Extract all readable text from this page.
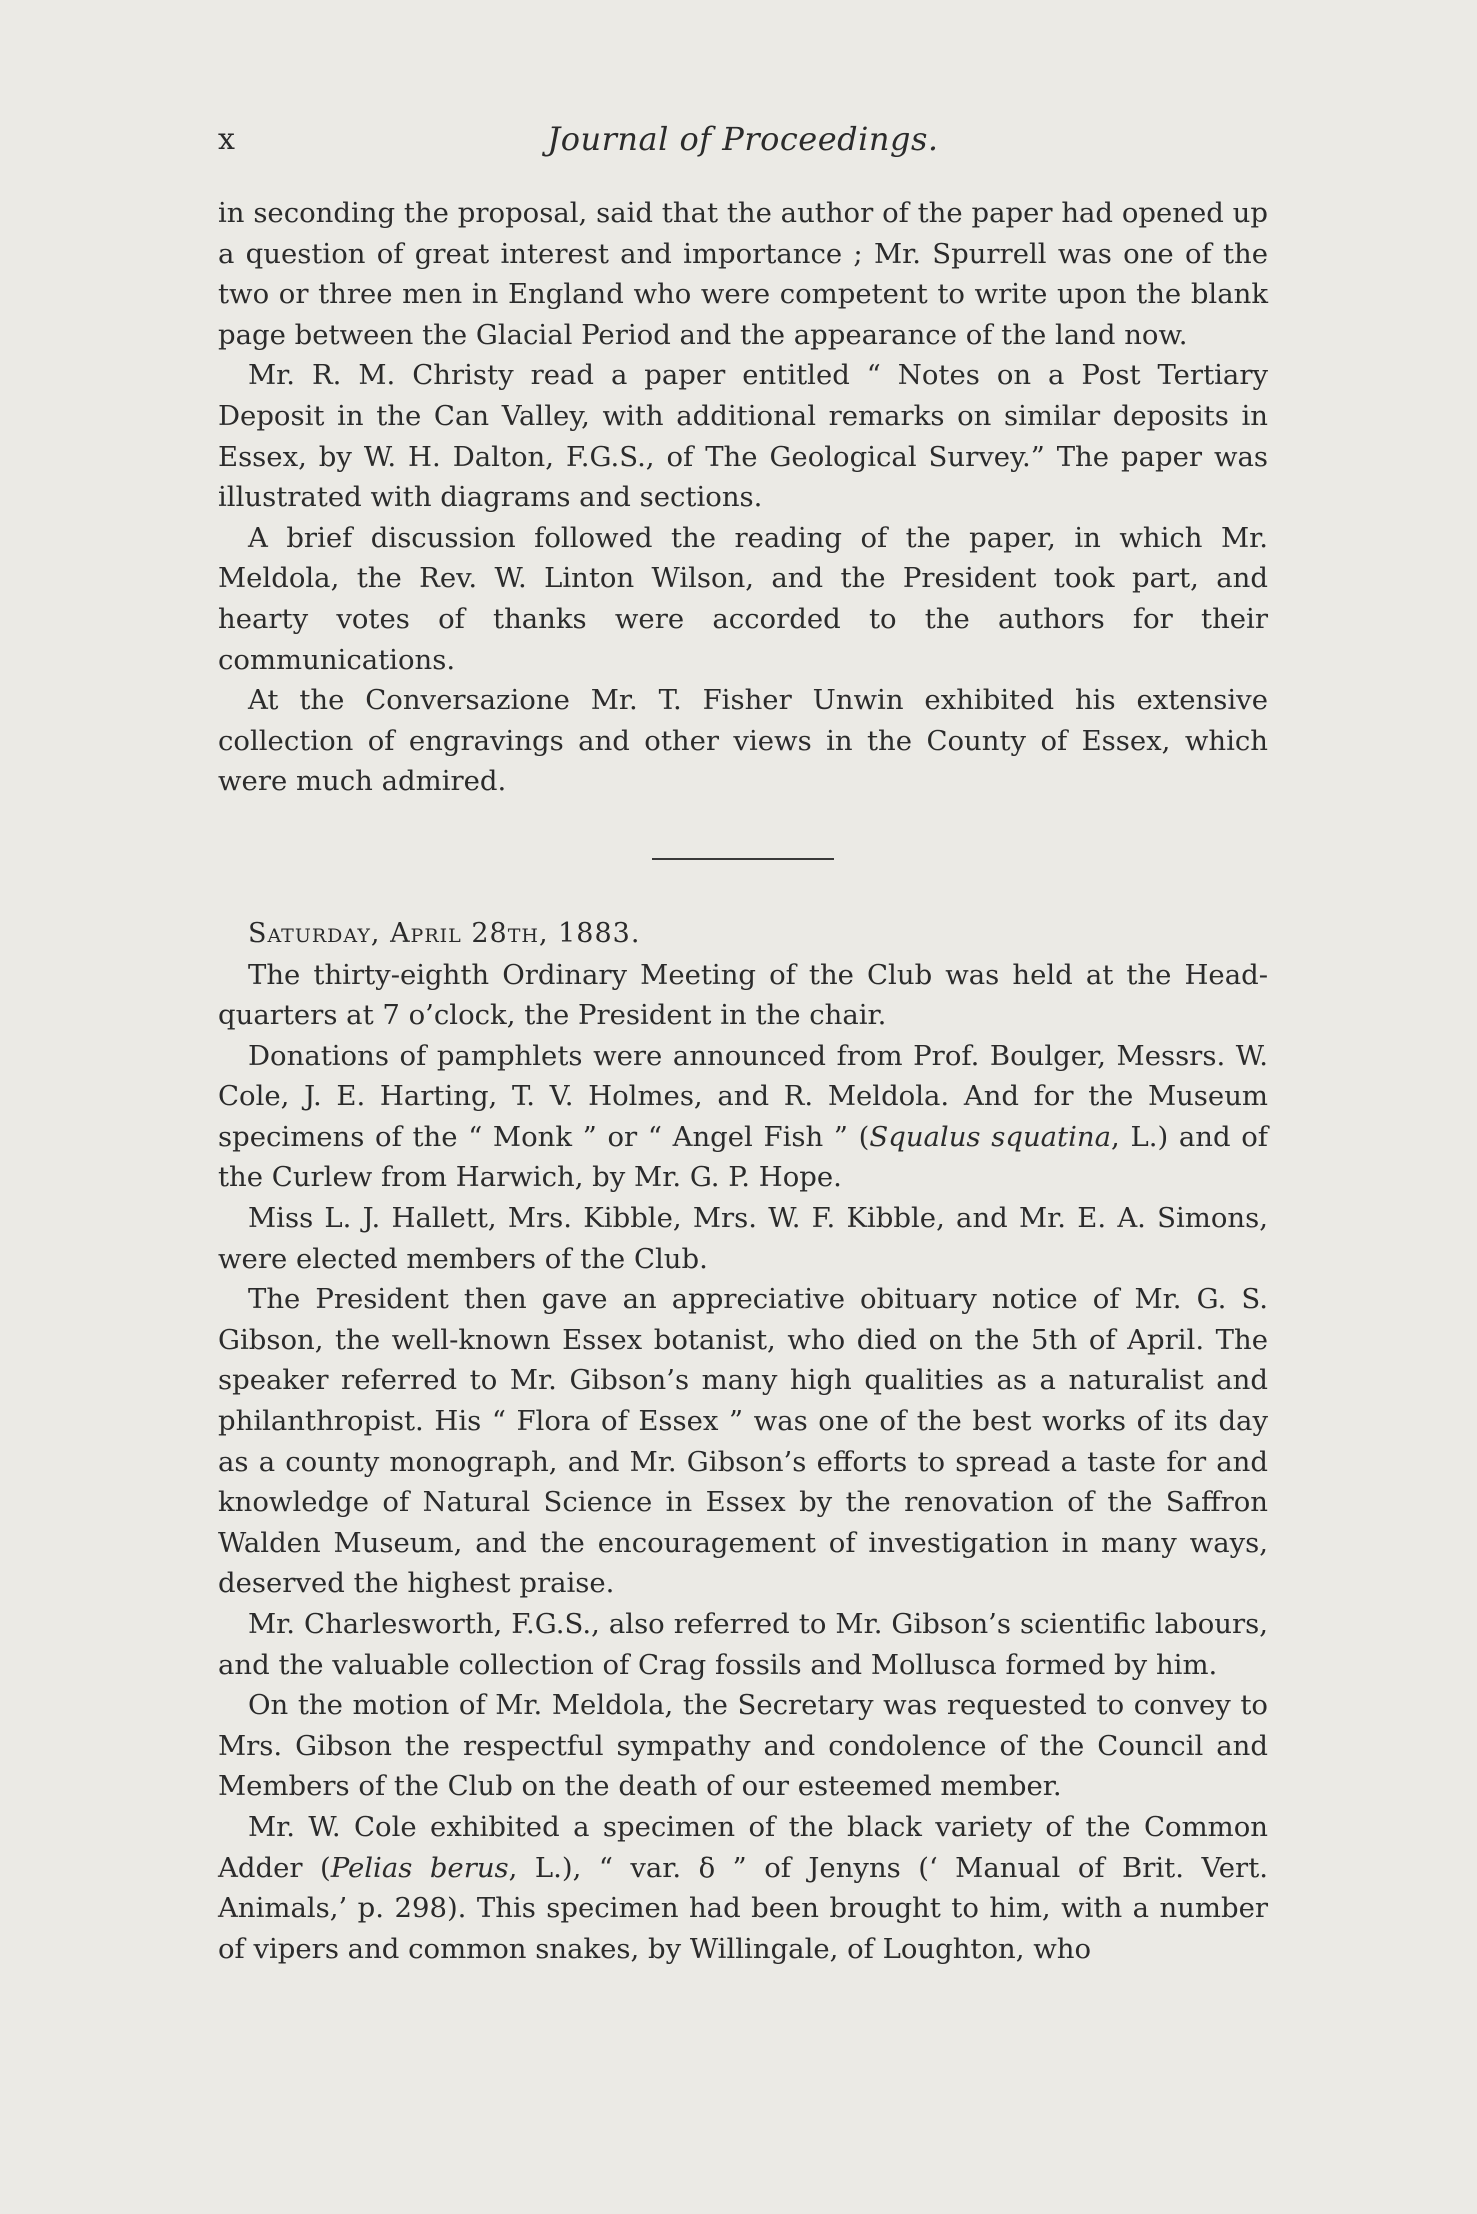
x	Journal of Proceedings.

in seconding the proposal, said that the author of the paper had opened up a question of great interest and importance ; Mr. Spurrell was one of the two or three men in England who were competent to write upon the blank page between the Glacial Period and the appearance of the land now.

Mr. R. M. Christy read a paper entitled “ Notes on a Post Tertiary Deposit in the Can Valley, with additional remarks on similar deposits in Essex, by W. H. Dalton, F.G.S., of The Geological Survey.” The paper was illustrated with diagrams and sections.

A brief discussion followed the reading of the paper, in which Mr. Meldola, the Rev. W. Linton Wilson, and the President took part, and hearty votes of thanks were accorded to the authors for their communications.

At the Conversazione Mr. T. Fisher Unwin exhibited his extensive collection of engravings and other views in the County of Essex, which were much admired.

Saturday, April 28th, 1883.

The thirty-eighth Ordinary Meeting of the Club was held at the Head-quarters at 7 o’clock, the President in the chair.

Donations of pamphlets were announced from Prof. Boulger, Messrs. W. Cole, J. E. Harting, T. V. Holmes, and R. Meldola. And for the Museum specimens of the “ Monk ” or “ Angel Fish ” (Squalus squatina, L.) and of the Curlew from Harwich, by Mr. G. P. Hope.

Miss L. J. Hallett, Mrs. Kibble, Mrs. W. F. Kibble, and Mr. E. A. Simons, were elected members of the Club.

The President then gave an appreciative obituary notice of Mr. G. S. Gibson, the well-known Essex botanist, who died on the 5th of April. The speaker referred to Mr. Gibson’s many high qualities as a naturalist and philanthropist. His “ Flora of Essex ” was one of the best works of its day as a county monograph, and Mr. Gibson’s efforts to spread a taste for and knowledge of Natural Science in Essex by the renovation of the Saffron Walden Museum, and the encouragement of investigation in many ways, deserved the highest praise.

Mr. Charlesworth, F.G.S., also referred to Mr. Gibson’s scientific labours, and the valuable collection of Crag fossils and Mollusca formed by him.

On the motion of Mr. Meldola, the Secretary was requested to convey to Mrs. Gibson the respectful sympathy and condolence of the Council and Members of the Club on the death of our esteemed member.

Mr. W. Cole exhibited a specimen of the black variety of the Common Adder (Pelias berus, L.), “ var. δ ” of Jenyns (‘ Manual of Brit. Vert. Animals,’ p. 298). This specimen had been brought to him, with a number of vipers and common snakes, by Willingale, of Loughton, who
